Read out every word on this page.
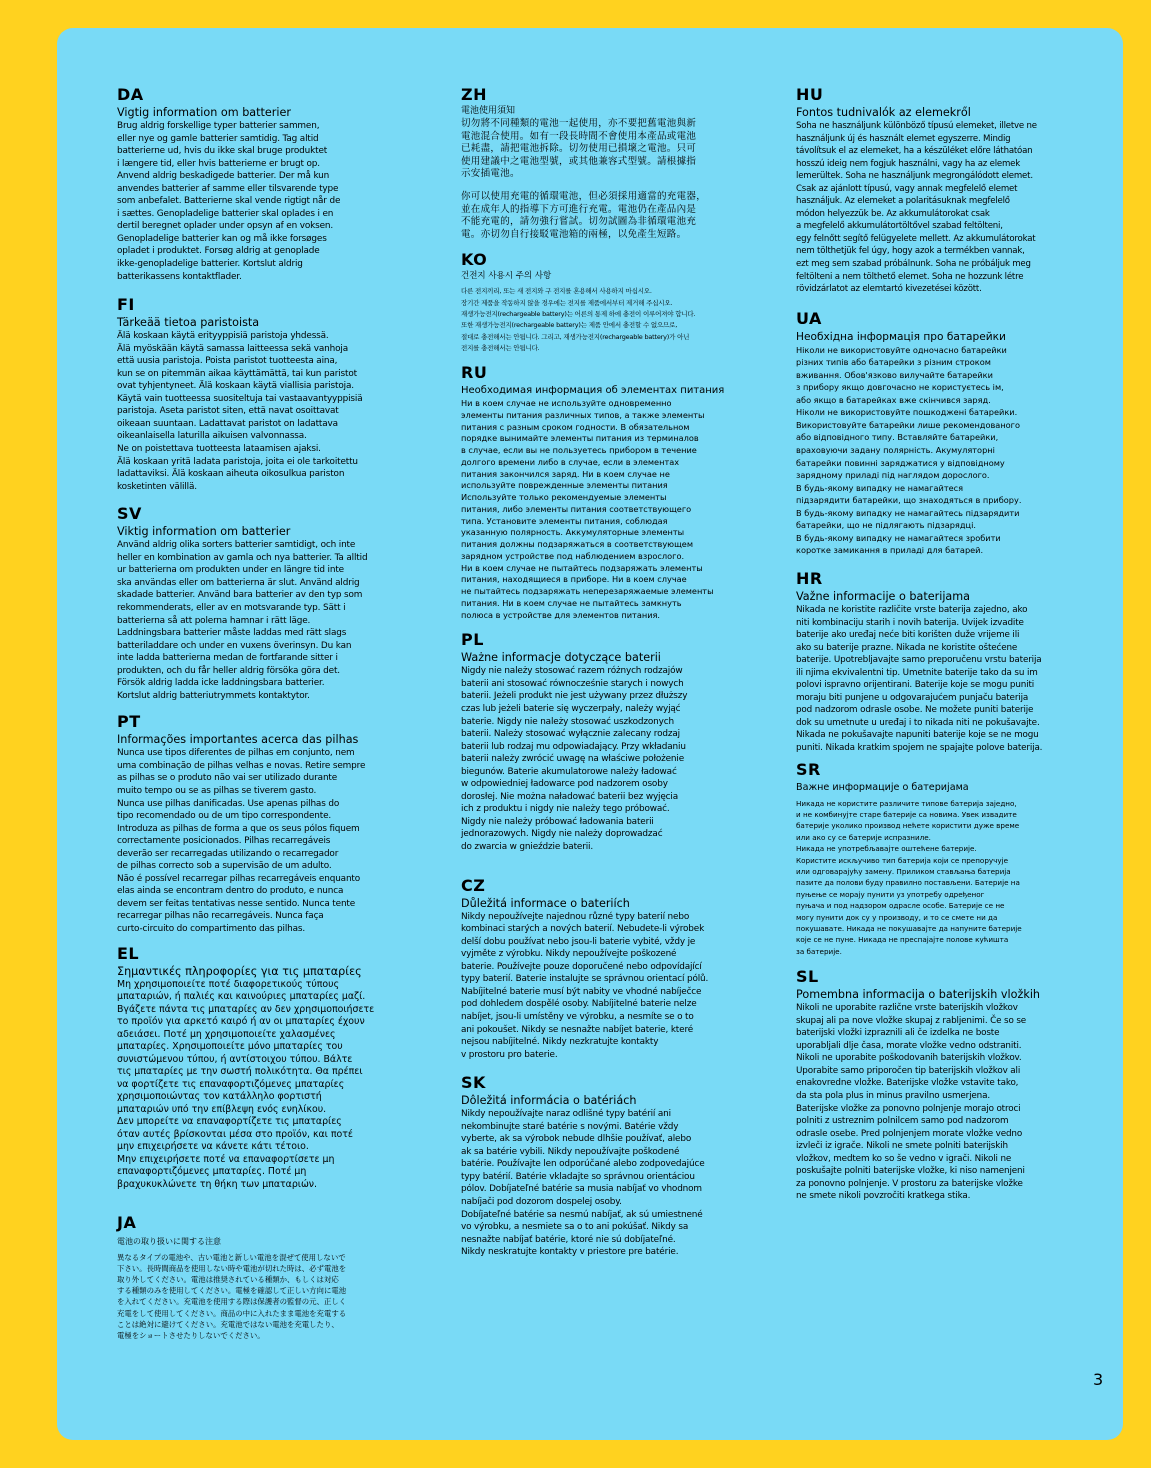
DA
Vigtig information om batterier

Brug aldrig forskellige typer batterier sammen,
eller nye og gamle batterier samtidig. Tag altid
batterierne ud, hvis du ikke skal bruge produktet
i længere tid, eller hvis batterierne er brugt op.
Anvend aldrig beskadigede batterier. Der må kun
anvendes batterier af samme eller tilsvarende type
som anbefalet. Batterierne skal vende rigtigt når de
i sættes. Genopladelige batterier skal oplades i en
dertil beregnet oplader under opsyn af en voksen.
Genopladelige batterier kan og må ikke forsøges
opladet i produktet. Forsøg aldrig at genoplade
ikke-genopladelige batterier. Kortslut aldrig
batterikassens kontaktflader.

FI
Tärkeää tietoa paristoista

Älä koskaan käytä erityyppisiä paristoja yhdessä.
Älä myöskään käytä samassa laitteessa sekä vanhoja
että uusia paristoja. Poista paristot tuotteesta aina,
kun se on pitemmän aikaa käyttämättä, tai kun paristot
ovat tyhjentyneet. Älä koskaan käytä viallisia paristoja.
Käytä vain tuotteessa suositeltuja tai vastaavantyyppisiä
paristoja. Aseta paristot siten, että navat osoittavat
oikeaan suuntaan. Ladattavat paristot on ladattava
oikeanlaisella laturilla aikuisen valvonnassa.
Ne on poistettava tuotteesta lataamisen ajaksi.
Älä koskaan yritä ladata paristoja, joita ei ole tarkoitettu
ladattaviksi. Älä koskaan aiheuta oikosulkua pariston
kosketinten välillä.

SV
Viktig information om batterier

Använd aldrig olika sorters batterier samtidigt, och inte
heller en kombination av gamla och nya batterier. Ta alltid
ur batterierna om produkten under en längre tid inte
ska användas eller om batterierna är slut. Använd aldrig
skadade batterier. Använd bara batterier av den typ som
rekommenderats, eller av en motsvarande typ. Sätt i
batterierna så att polerna hamnar i rätt läge.
Laddningsbara batterier måste laddas med rätt slags
batteriladdare och under en vuxens överinsyn. Du kan
inte ladda batterierna medan de fortfarande sitter i
produkten, och du får heller aldrig försöka göra det.
Försök aldrig ladda icke laddningsbara batterier.
Kortslut aldrig batteriutrymmets kontaktytor.

PT
Informações importantes acerca das pilhas

Nunca use tipos diferentes de pilhas em conjunto, nem
uma combinação de pilhas velhas e novas. Retire sempre
as pilhas se o produto não vai ser utilizado durante
muito tempo ou se as pilhas se tiverem gasto.
Nunca use pilhas danificadas. Use apenas pilhas do
tipo recomendado ou de um tipo correspondente.
Introduza as pilhas de forma a que os seus pólos fiquem
correctamente posicionados. Pilhas recarregáveis
deverão ser recarregadas utilizando o recarregador
de pilhas correcto sob a supervisão de um adulto.
Não é possível recarregar pilhas recarregáveis enquanto
elas ainda se encontram dentro do produto, e nunca
devem ser feitas tentativas nesse sentido. Nunca tente
recarregar pilhas não recarregáveis. Nunca faça
curto-circuito do compartimento das pilhas.

EL
Σημαντικές πληροφορίες για τις μπαταρίες

Μη χρησιμοποιείτε ποτέ διαφορετικούς τύπους
μπαταριών, ή παλιές και καινούριες μπαταρίες μαζί.
Βγάζετε πάντα τις μπαταρίες αν δεν χρησιμοποιήσετε
το προϊόν για αρκετό καιρό ή αν οι μπαταρίες έχουν
αδειάσει. Ποτέ μη χρησιμοποιείτε χαλασμένες
μπαταρίες. Χρησιμοποιείτε μόνο μπαταρίες του
συνιστώμενου τύπου, ή αντίστοιχου τύπου. Βάλτε
τις μπαταρίες με την σωστή πολικότητα. Θα πρέπει
να φορτίζετε τις επαναφορτιζόμενες μπαταρίες
χρησιμοποιώντας τον κατάλληλο φορτιστή
μπαταριών υπό την επίβλεψη ενός ενηλίκου.
Δεν μπορείτε να επαναφορτίζετε τις μπαταρίες
όταν αυτές βρίσκονται μέσα στο προϊόν, και ποτέ
μην επιχειρήσετε να κάνετε κάτι τέτοιο.
Μην επιχειρήσετε ποτέ να επαναφορτίσετε μη
επαναφορτιζόμενες μπαταρίες. Ποτέ μη
βραχυκυκλώνετε τη θήκη των μπαταριών.

JA
電池の取り扱いに関する注意

異なるタイプの電池や、古い電池と新しい電池を混ぜて使用しないで
下さい。長時間商品を使用しない時や電池が切れた時は、必ず電池を
取り外してください。電池は推奨されている種類か、もしくは対応
する種類のみを使用してください。電極を確認して正しい方向に電池
を入れてください。充電池を使用する際は保護者の監督の元、正しく
充電をして使用してください。商品の中に入れたまま電池を充電する
ことは絶対に避けてください。充電池ではない電池を充電したり、
電極をショートさせたりしないでください。

ZH
電池使用須知

切勿將不同種類的電池一起使用，亦不要把舊電池與新
電池混合使用。如有一段長時間不會使用本產品或電池
已耗盡，請把電池拆除。切勿使用已損壞之電池。只可
使用建議中之電池型號，或其他兼容式型號。請根據指
示安插電池。

你可以使用充電的循環電池，但必須採用適當的充電器，
並在成年人的指導下方可進行充電。電池仍在產品內是
不能充電的，請勿強行嘗試。切勿試圖為非循環電池充
電。亦切勿自行接駁電池箱的兩極，以免產生短路。

KO
건전지 사용시 주의 사항

다른 전지끼리, 또는 새 전지와 구 전지를 혼용해서 사용하지 마십시오.
장기간 제품을 작동하지 않을 경우에는 전지를 제품에서부터 제거해 주십시오.
재생가능전지(rechargeable battery)는 어른의 통제 하에 충전이 이루어져야 합니다.
또한 재생가능전지(rechargeable battery)는 제품 안에서 충전할 수 없으므로,
절대로 충전해서는 안됩니다. 그리고, 재생가능전지(rechargeable battery)가 아닌
전지를 충전해서는 안됩니다.

RU
Необходимая информация об элементах питания

Ни в коем случае не используйте одновременно
элементы питания различных типов, а также элементы
питания с разным сроком годности. В обязательном
порядке вынимайте элементы питания из терминалов
в случае, если вы не пользуетесь прибором в течение
долгого времени либо в случае, если в элементах
питания закончился заряд. Ни в коем случае не
используйте поврежденные элементы питания
Используйте только рекомендуемые элементы
питания, либо элементы питания соответствующего
типа. Установите элементы питания, соблюдая
указанную полярность. Аккумуляторные элементы
питания должны подзаряжаться в соответствующем
зарядном устройстве под наблюдением взрослого.
Ни в коем случае не пытайтесь подзаряжать элементы
питания, находящиеся в приборе. Ни в коем случае
не пытайтесь подзаряжать неперезаряжаемые элементы
питания. Ни в коем случае не пытайтесь замкнуть
полюса в устройстве для элементов питания.

PL
Ważne informacje dotyczące baterii

Nigdy nie należy stosować razem różnych rodzajów
baterii ani stosować równocześnie starych i nowych
baterii. Jeżeli produkt nie jest używany przez dłuższy
czas lub jeżeli baterie się wyczerpały, należy wyjąć
baterie. Nigdy nie należy stosować uszkodzonych
baterii. Należy stosować wyłącznie zalecany rodzaj
baterii lub rodzaj mu odpowiadający. Przy wkładaniu
baterii należy zwrócić uwagę na właściwe położenie
biegunów. Baterie akumulatorowe należy ładować
w odpowiedniej ładowarce pod nadzorem osoby
dorosłej. Nie można naładować baterii bez wyjęcia
ich z produktu i nigdy nie należy tego próbować.
Nigdy nie należy próbować ładowania baterii
jednorazowych. Nigdy nie należy doprowadzać
do zwarcia w gnieździe baterii.

CZ
Důležitá informace o bateriích

Nikdy nepoužívejte najednou různé typy baterií nebo
kombinaci starých a nových baterií. Nebudete-li výrobek
delší dobu používat nebo jsou-li baterie vybité, vždy je
vyjměte z výrobku. Nikdy nepoužívejte poškozené
baterie. Používejte pouze doporučené nebo odpovídající
typy baterií. Baterie instalujte se správnou orientací pólů.
Nabíjitelné baterie musí být nabity ve vhodné nabíječce
pod dohledem dospělé osoby. Nabíjitelné baterie nelze
nabíjet, jsou-li umístěny ve výrobku, a nesmíte se o to
ani pokoušet. Nikdy se nesnažte nabíjet baterie, které
nejsou nabíjitelné. Nikdy nezkratujte kontakty
v prostoru pro baterie.

SK
Dôležitá informácia o batériách

Nikdy nepoužívajte naraz odlišné typy batérií ani
nekombinujte staré batérie s novými. Batérie vždy
vyberte, ak sa výrobok nebude dlhšie používať, alebo
ak sa batérie vybili. Nikdy nepoužívajte poškodené
batérie. Používajte len odporúčané alebo zodpovedajúce
typy batérií. Batérie vkladajte so správnou orientáciou
pólov. Dobíjateľné batérie sa musia nabíjať vo vhodnom
nabíjači pod dozorom dospelej osoby.
Dobíjateľné batérie sa nesmú nabíjať, ak sú umiestnené
vo výrobku, a nesmiete sa o to ani pokúšať. Nikdy sa
nesnažte nabíjať batérie, ktoré nie sú dobíjateľné.
Nikdy neskratujte kontakty v priestore pre batérie.

HU
Fontos tudnivalók az elemekről

Soha ne használjunk különböző típusú elemeket, illetve ne
használjunk új és használt elemet egyszerre. Mindig
távolítsuk el az elemeket, ha a készüléket előre láthatóan
hosszú ideig nem fogjuk használni, vagy ha az elemek
lemerültek. Soha ne használjunk megrongálódott elemet.
Csak az ajánlott típusú, vagy annak megfelelő elemet
használjuk. Az elemeket a polaritásuknak megfelelő
módon helyezzük be. Az akkumulátorokat csak
a megfelelő akkumulátortöltővel szabad feltölteni,
egy felnőtt segítő felügyelete mellett. Az akkumulátorokat
nem tölthetjük fel úgy, hogy azok a termékben vannak,
ezt meg sem szabad próbálnunk. Soha ne próbáljuk meg
feltölteni a nem tölthető elemet. Soha ne hozzunk létre
rövidzárlatot az elemtartó kivezetései között.

UA
Необхідна інформація про батарейки

Ніколи не використовуйте одночасно батарейки
різних типів або батарейки з різним строком
вживання. Обов'язково вилучайте батарейки
з прибору якщо довгочасно не користуєтесь ім,
або якщо в батарейках вже скінчився заряд.
Ніколи не використовуйте пошкоджені батарейки.
Використовуйте батарейки лише рекомендованого
або відповідного типу. Вставляйте батарейки,
враховуючи задану полярність. Акумуляторні
батарейки повинні заряджатися у відповідному
зарядному приладі під наглядом дорослого.
В будь-якому випадку не намагайтеся
підзарядити батарейки, що знаходяться в прибору.
В будь-якому випадку не намагайтесь підзарядити
батарейки, що не підлягають підзарядці.
В будь-якому випадку не намагайтеся зробити
коротке замикання в приладі для батарей.

HR
Važne informacije o baterijama

Nikada ne koristite različite vrste baterija zajedno, ako
niti kombinaciju starih i novih baterija. Uvijek izvadite
baterije ako uređaj neće biti korišten duže vrijeme ili
ako su baterije prazne. Nikada ne koristite oštećene
baterije. Upotrebljavajte samo preporučenu vrstu baterija
ili njima ekvivalentni tip. Umetnite baterije tako da su im
polovi ispravno orijentirani. Baterije koje se mogu puniti
moraju biti punjene u odgovarajućem punjaču baterija
pod nadzorom odrasle osobe. Ne možete puniti baterije
dok su umetnute u uređaj i to nikada niti ne pokušavajte.
Nikada ne pokušavajte napuniti baterije koje se ne mogu
puniti. Nikada kratkim spojem ne spajajte polove baterija.

SR
Важне информације о батеријама

Никада не користите различите типове батерија заједно,
и не комбинујте старе батерије са новима. Увек извадите
батерије уколико производ нећете користити дуже време
или ако су се батерије испразниле.
Никада не употребљавајте оштећене батерије.
Користите искључиво тип батерија који се препоручује
или одговарајућу замену. Приликом стављања батерија
пазите да полови буду правилно постављени. Батерије на
пуњење се морају пунити уз употребу одређеног
пуњача и под надзором одрасле особе. Батерије се не
могу пунити док су у производу, и то се смете ни да
покушавате. Никада не покушавајте да напуните батерије
које се не пуне. Никада не преспајајте полове кућишта
за батерије.

SL
Pomembna informacija o baterijskih vložkih

Nikoli ne uporabite različne vrste baterijskih vložkov
skupaj ali pa nove vložke skupaj z rabljenimi. Če so se
baterijski vložki izpraznili ali če izdelka ne boste
uporabljali dlje časa, morate vložke vedno odstraniti.
Nikoli ne uporabite poškodovanih baterijskih vložkov.
Uporabite samo priporočen tip baterijskih vložkov ali
enakovredne vložke. Baterijske vložke vstavite tako,
da sta pola plus in minus pravilno usmerjena.
Baterijske vložke za ponovno polnjenje morajo otroci
polniti z ustreznim polnilcem samo pod nadzorom
odrasle osebe. Pred polnjenjem morate vložke vedno
izvleči iz igrače. Nikoli ne smete polniti baterijskih
vložkov, medtem ko so še vedno v igrači. Nikoli ne
poskušajte polniti baterijske vložke, ki niso namenjeni
za ponovno polnjenje. V prostoru za baterijske vložke
ne smete nikoli povzročiti kratkega stika.

3
